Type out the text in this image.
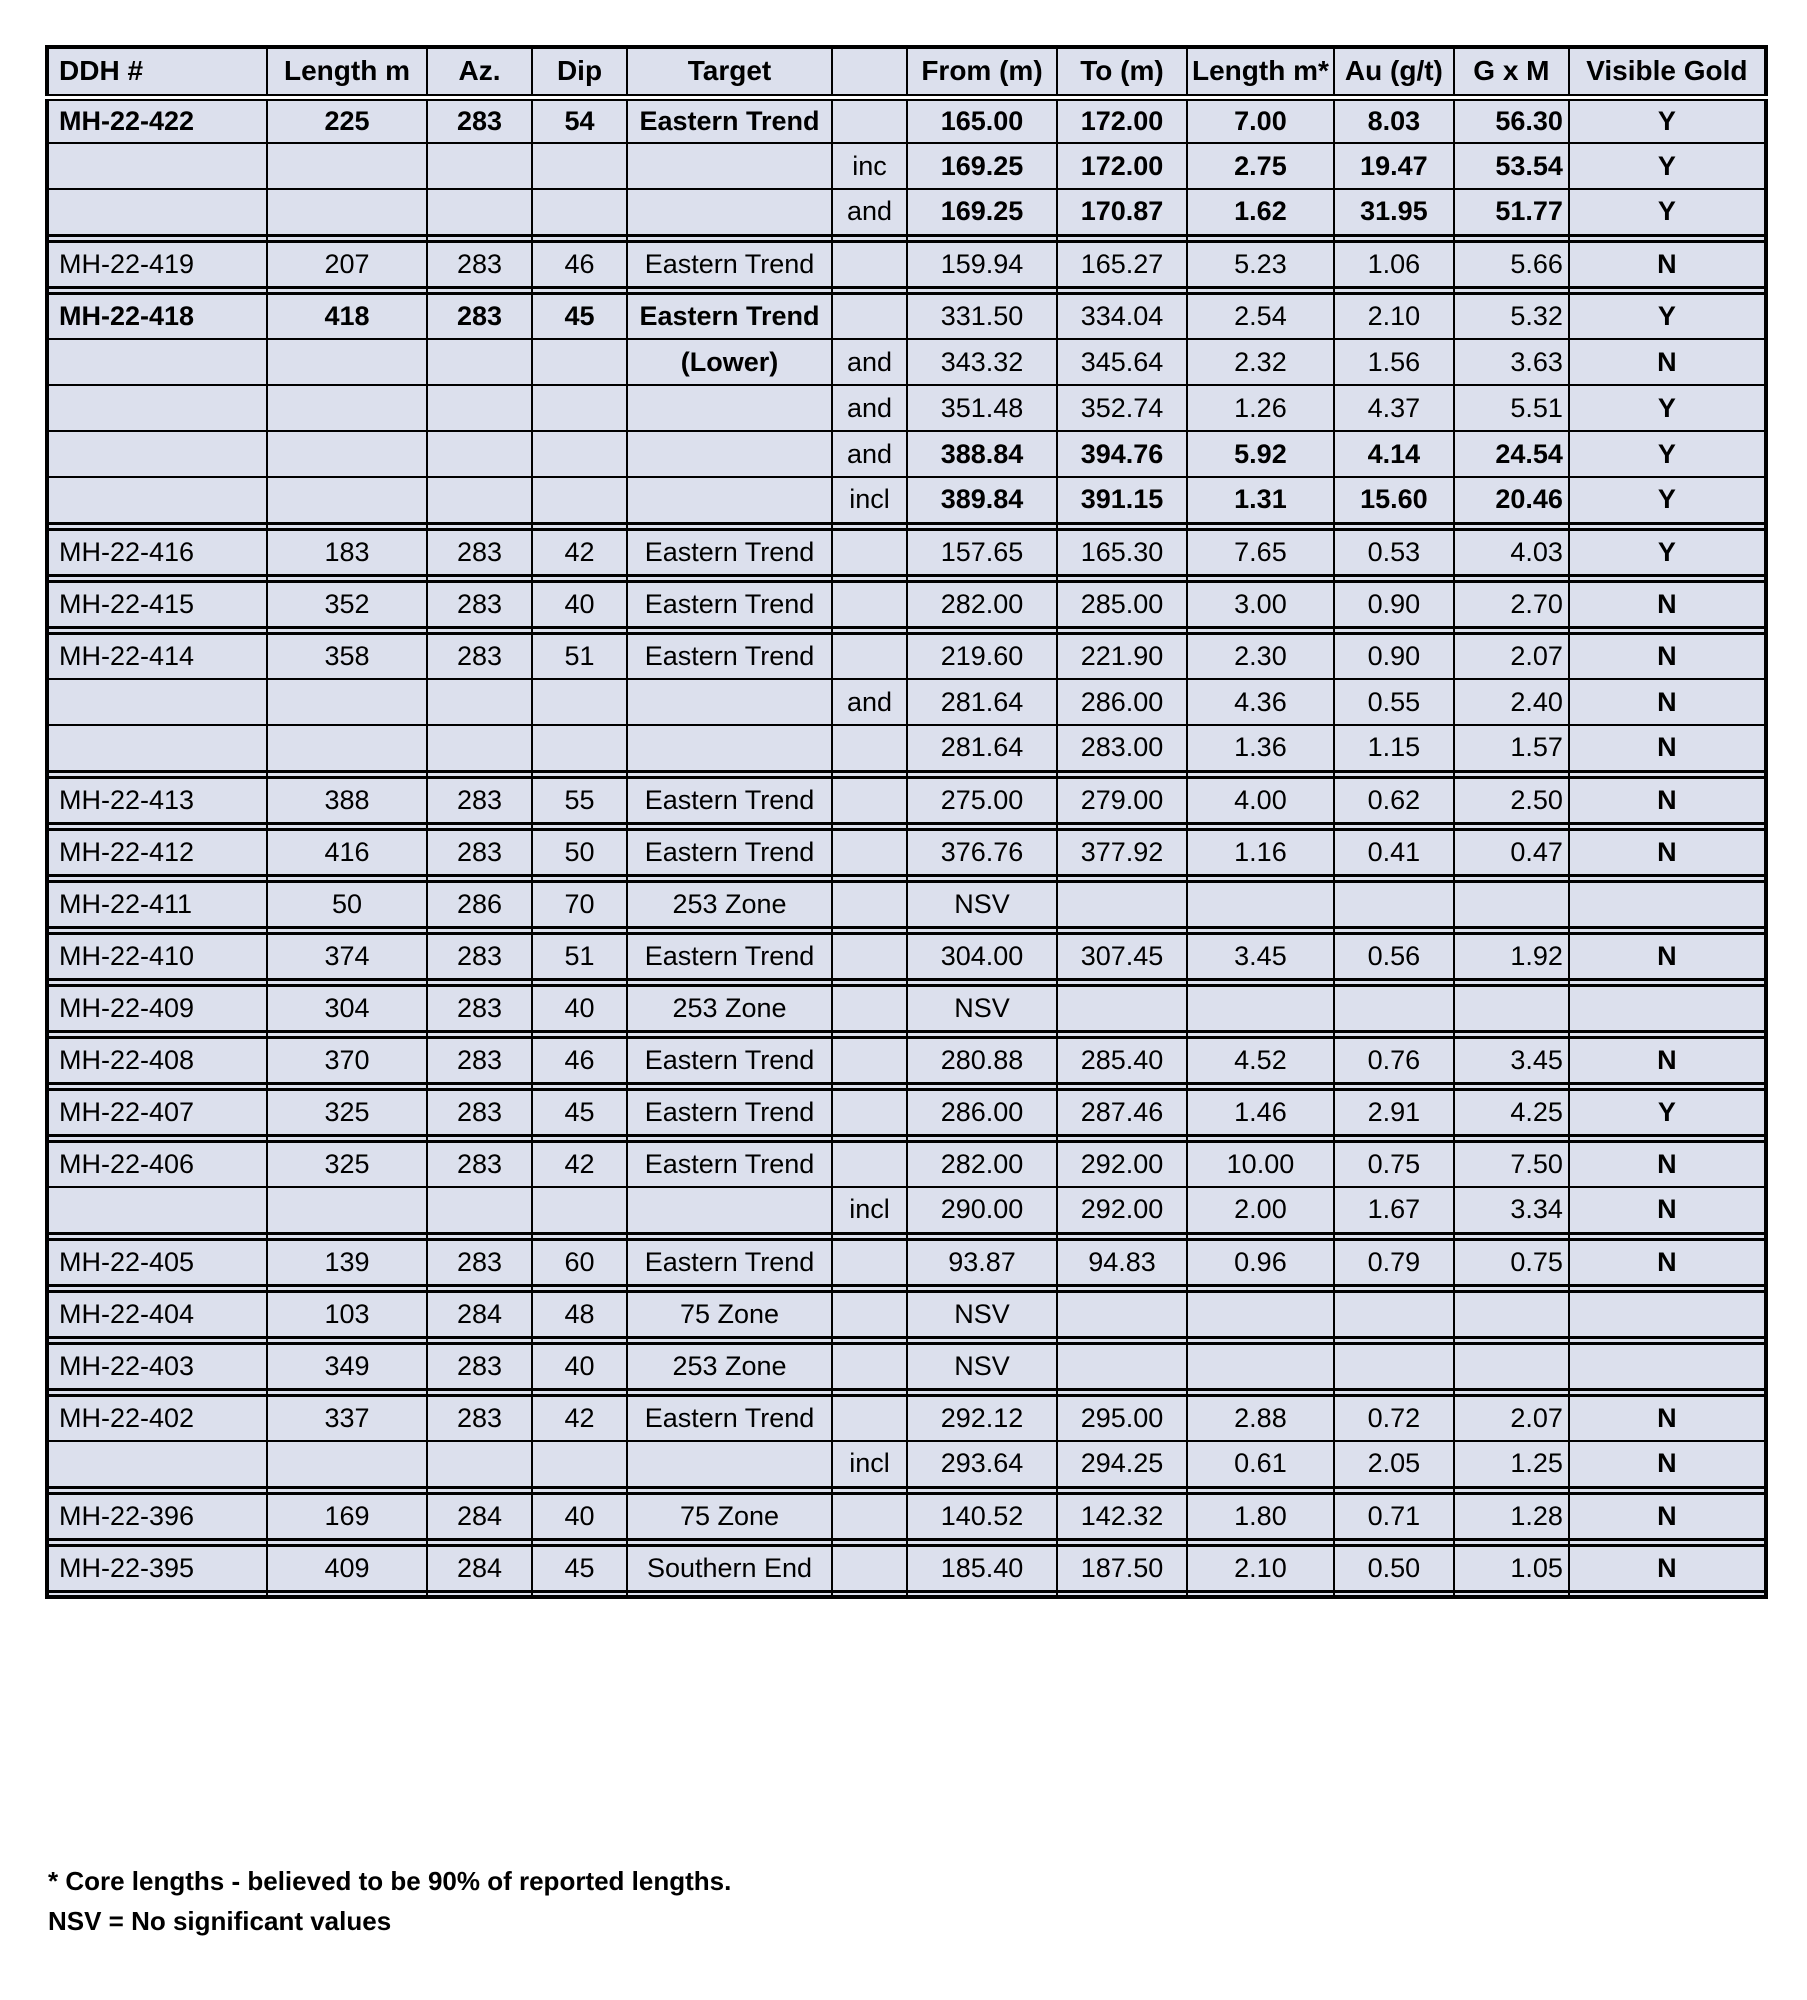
DDH #	Length m	Az.	Dip	Target		From (m)	To (m)	Length m*	Au (g/t)	G x M	Visible Gold
MH-22-422	225	283	54	Eastern Trend		165.00	172.00	7.00	8.03	56.30	Y
					inc	169.25	172.00	2.75	19.47	53.54	Y
					and	169.25	170.87	1.62	31.95	51.77	Y

MH-22-419	207	283	46	Eastern Trend		159.94	165.27	5.23	1.06	5.66	N

MH-22-418	418	283	45	Eastern Trend		331.50	334.04	2.54	2.10	5.32	Y
				(Lower)	and	343.32	345.64	2.32	1.56	3.63	N
					and	351.48	352.74	1.26	4.37	5.51	Y
					and	388.84	394.76	5.92	4.14	24.54	Y
					incl	389.84	391.15	1.31	15.60	20.46	Y

MH-22-416	183	283	42	Eastern Trend		157.65	165.30	7.65	0.53	4.03	Y

MH-22-415	352	283	40	Eastern Trend		282.00	285.00	3.00	0.90	2.70	N

MH-22-414	358	283	51	Eastern Trend		219.60	221.90	2.30	0.90	2.07	N
					and	281.64	286.00	4.36	0.55	2.40	N
						281.64	283.00	1.36	1.15	1.57	N

MH-22-413	388	283	55	Eastern Trend		275.00	279.00	4.00	0.62	2.50	N

MH-22-412	416	283	50	Eastern Trend		376.76	377.92	1.16	0.41	0.47	N

MH-22-411	50	286	70	253 Zone		NSV					

MH-22-410	374	283	51	Eastern Trend		304.00	307.45	3.45	0.56	1.92	N

MH-22-409	304	283	40	253 Zone		NSV					

MH-22-408	370	283	46	Eastern Trend		280.88	285.40	4.52	0.76	3.45	N

MH-22-407	325	283	45	Eastern Trend		286.00	287.46	1.46	2.91	4.25	Y

MH-22-406	325	283	42	Eastern Trend		282.00	292.00	10.00	0.75	7.50	N
					incl	290.00	292.00	2.00	1.67	3.34	N

MH-22-405	139	283	60	Eastern Trend		93.87	94.83	0.96	0.79	0.75	N

MH-22-404	103	284	48	75 Zone		NSV					

MH-22-403	349	283	40	253 Zone		NSV					

MH-22-402	337	283	42	Eastern Trend		292.12	295.00	2.88	0.72	2.07	N
					incl	293.64	294.25	0.61	2.05	1.25	N

MH-22-396	169	284	40	75 Zone		140.52	142.32	1.80	0.71	1.28	N

MH-22-395	409	284	45	Southern End		185.40	187.50	2.10	0.50	1.05	N

* Core lengths - believed to be 90% of reported lengths.
NSV = No significant values
